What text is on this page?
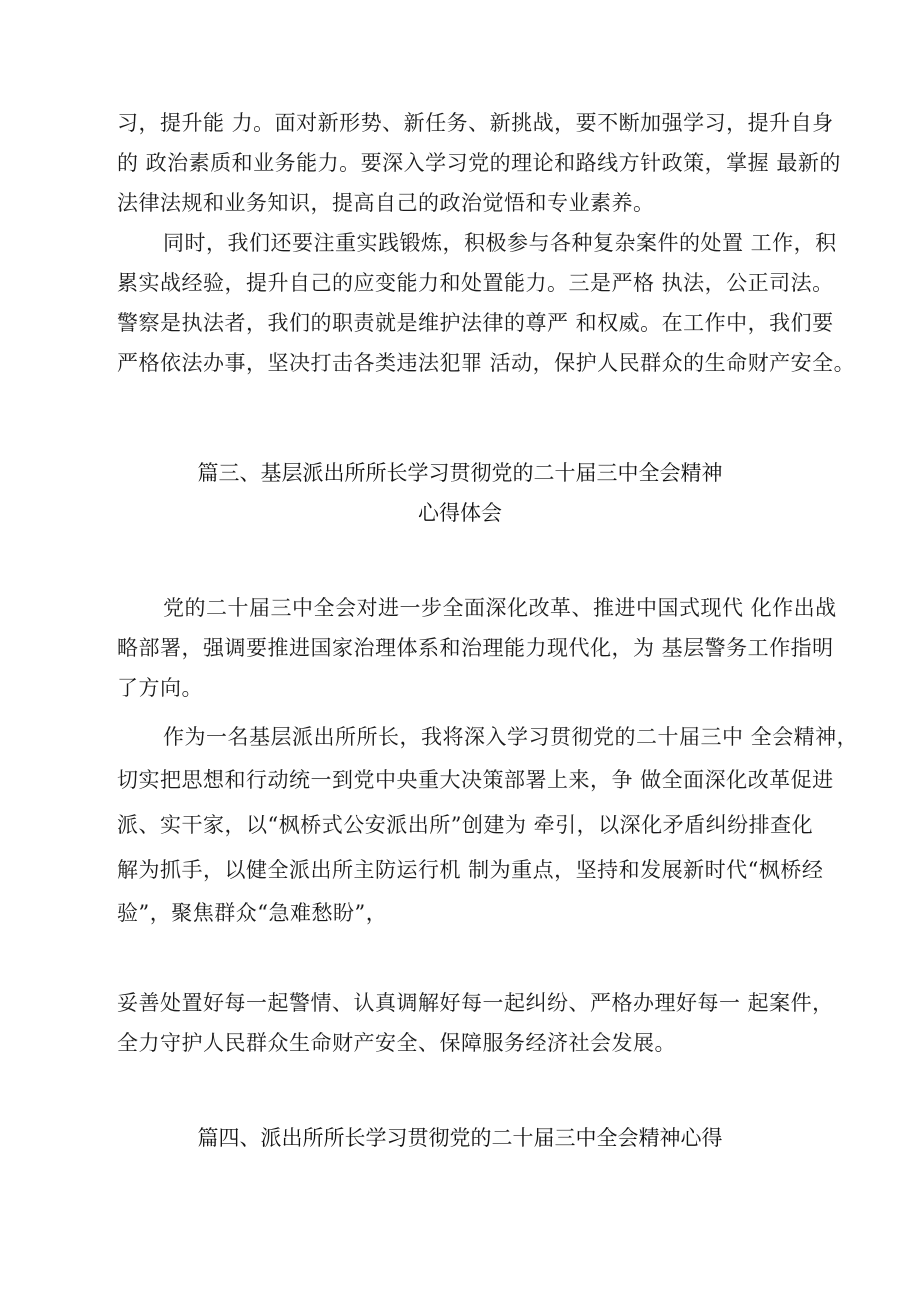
习，提升能 力。面对新形势、新任务、新挑战，要不断加强学习，提升自身
的 政治素质和业务能力。要深入学习党的理论和路线方针政策，掌握 最新的
法律法规和业务知识，提高自己的政治觉悟和专业素养。
同时，我们还要注重实践锻炼，积极参与各种复杂案件的处置 工作，积
累实战经验，提升自己的应变能力和处置能力。三是严格 执法，公正司法。
警察是执法者，我们的职责就是维护法律的尊严 和权威。在工作中，我们要
严格依法办事，坚决打击各类违法犯罪 活动，保护人民群众的生命财产安全。
篇三、基层派出所所长学习贯彻党的二十届三中全会精神
心得体会
党的二十届三中全会对进一步全面深化改革、推进中国式现代 化作出战
略部署，强调要推进国家治理体系和治理能力现代化，为 基层警务工作指明
了方向。
作为一名基层派出所所长，我将深入学习贯彻党的二十届三中 全会精神，
切实把思想和行动统一到党中央重大决策部署上来，争 做全面深化改革促进
派、实干家，以“枫桥式公安派出所”创建为 牵引，以深化矛盾纠纷排查化
解为抓手，以健全派出所主防运行机 制为重点，坚持和发展新时代“枫桥经
验”，聚焦群众“急难愁盼”，
妥善处置好每一起警情、认真调解好每一起纠纷、严格办理好每一 起案件，
全力守护人民群众生命财产安全、保障服务经济社会发展。
篇四、派出所所长学习贯彻党的二十届三中全会精神心得
